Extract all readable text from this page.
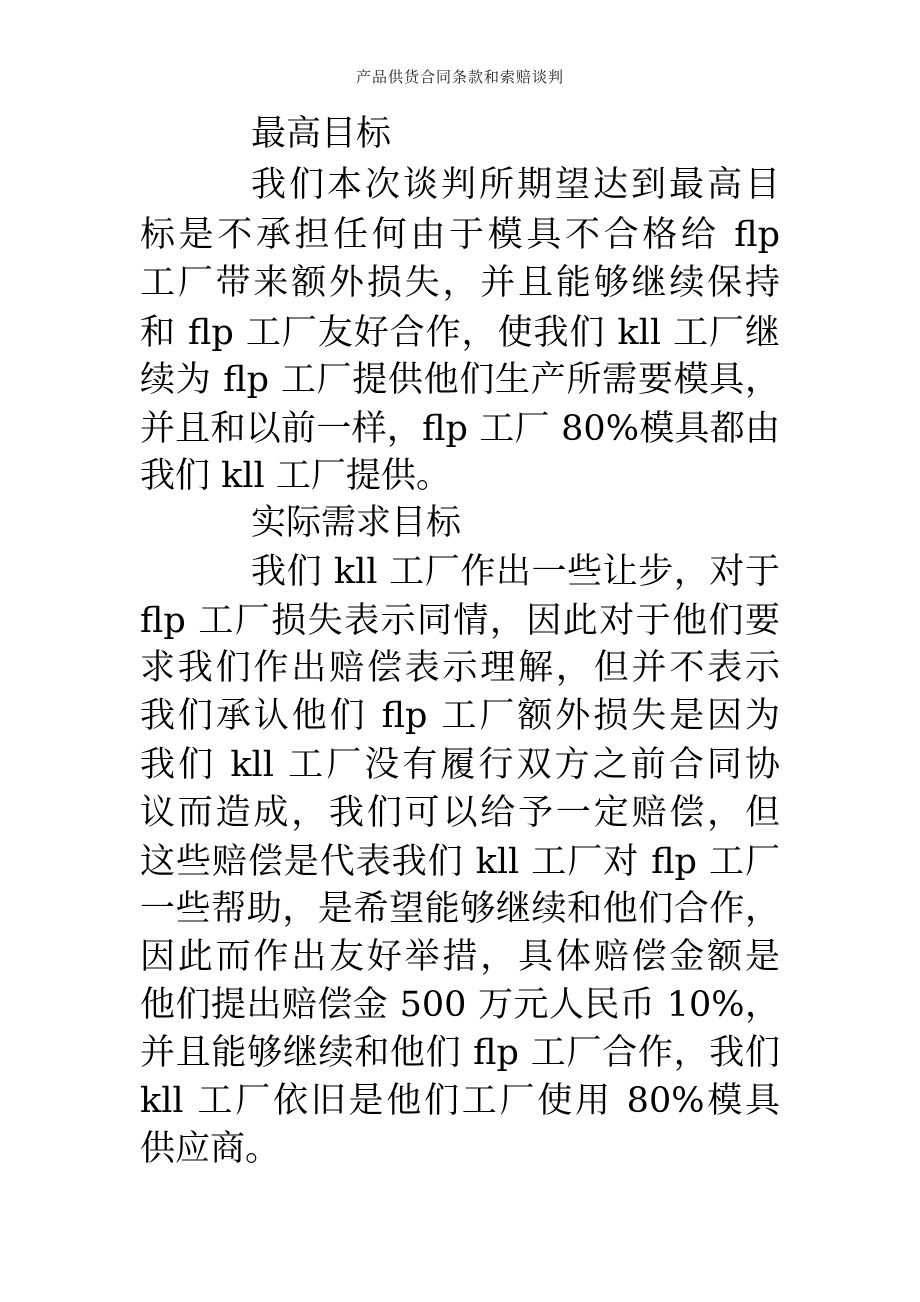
产品供货合同条款和索赔谈判
最高目标
我们本次谈判所期望达到最高目
标是不承担任何由于模具不合格给 flp
工厂带来额外损失，并且能够继续保持
和 flp 工厂友好合作，使我们 kll 工厂继
续为 flp 工厂提供他们生产所需要模具，
并且和以前一样，flp 工厂 80%模具都由
我们 kll 工厂提供。
实际需求目标
我们 kll 工厂作出一些让步，对于
flp 工厂损失表示同情，因此对于他们要
求我们作出赔偿表示理解，但并不表示
我们承认他们 flp 工厂额外损失是因为
我们 kll 工厂没有履行双方之前合同协
议而造成，我们可以给予一定赔偿，但
这些赔偿是代表我们 kll 工厂对 flp 工厂
一些帮助，是希望能够继续和他们合作，
因此而作出友好举措，具体赔偿金额是
他们提出赔偿金 500 万元人民币 10%，
并且能够继续和他们 flp 工厂合作，我们
kll 工厂依旧是他们工厂使用 80%模具
供应商。
